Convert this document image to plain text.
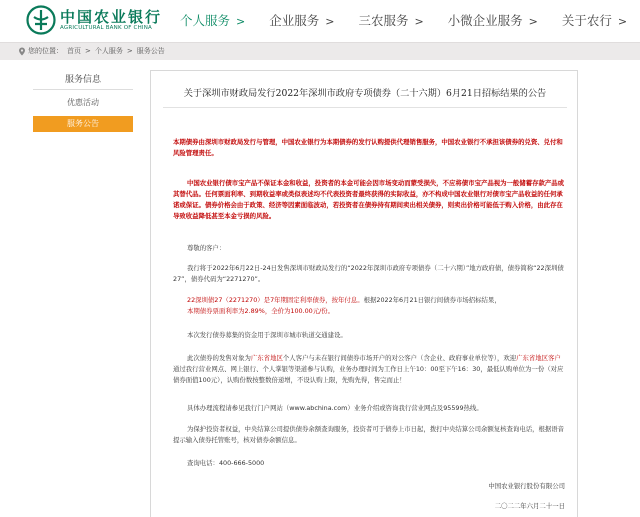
中国农业银行
AGRICULTURAL BANK OF CHINA	个人服务 >	企业服务 >	三农服务 >	小微企业服务 >	关于农行 >
您的位置： 首页 > 个人服务 > 服务公告
服务信息
优惠活动
服务公告
关于深圳市财政局发行2022年深圳市政府专项债券（二十六期）6月21日招标结果的公告
本期债券由深圳市财政局发行与管理，中国农业银行为本期债券的发行认购提供代理销售服务，中国农业银行不承担该债券的兑资、兑付和风险管理责任。
中国农业银行债市宝产品不保证本金和收益，投资者的本金可能会因市场变动而蒙受损失，不应将债市宝产品视为一般储蓄存款产品或其替代品。任何票面利率、到期收益率或类似表述均不代表投资者最终获得的实际收益，亦不构成中国农业银行对债市宝产品收益的任何承诺或保证。债券价格会由于政策、经济等因素面临波动，若投资者在债券持有期间卖出相关债券，则卖出价格可能低于购入价格，由此存在导致收益降低甚至本金亏损的风险。
尊敬的客户：
我行将于2022年6月22日-24日发售深圳市财政局发行的“2022年深圳市政府专项债券（二十六期）”地方政府债，债券简称“22深圳债27”，债券代码为“2271270”。
22深圳债27（2271270）是7年期固定利率债券，按年付息。根据2022年6月21日银行间债券市场招标结果，
本期债券票面利率为2.89%，全价为100.00元/份。
本次发行债券募集的资金用于深圳市城市轨道交通建设。
此次债券的发售对象为广东省地区个人客户与未在银行间债券市场开户的对公客户（含企业、政府事业单位等），欢迎广东省地区客户通过我行营业网点、网上银行、个人掌银等渠道参与认购，业务办理时间为工作日上午10：00至下午16：30，最低认购单位为一份（对应债券面值100元），认购份数按整数倍递增，不设认购上限，先购先得，售完而止！
具体办理流程请参见我行门户网站（www.abchina.com）业务介绍或咨询我行营业网点及95599热线。
为保护投资者权益，中央结算公司提供债券余额查询服务，投资者可于债券上市日起，拨打中央结算公司余额复核查询电话，根据语音提示输入债券托管账号，核对债券余额信息。
查询电话：400-666-5000
中国农业银行股份有限公司
二〇二二年六月二十一日
